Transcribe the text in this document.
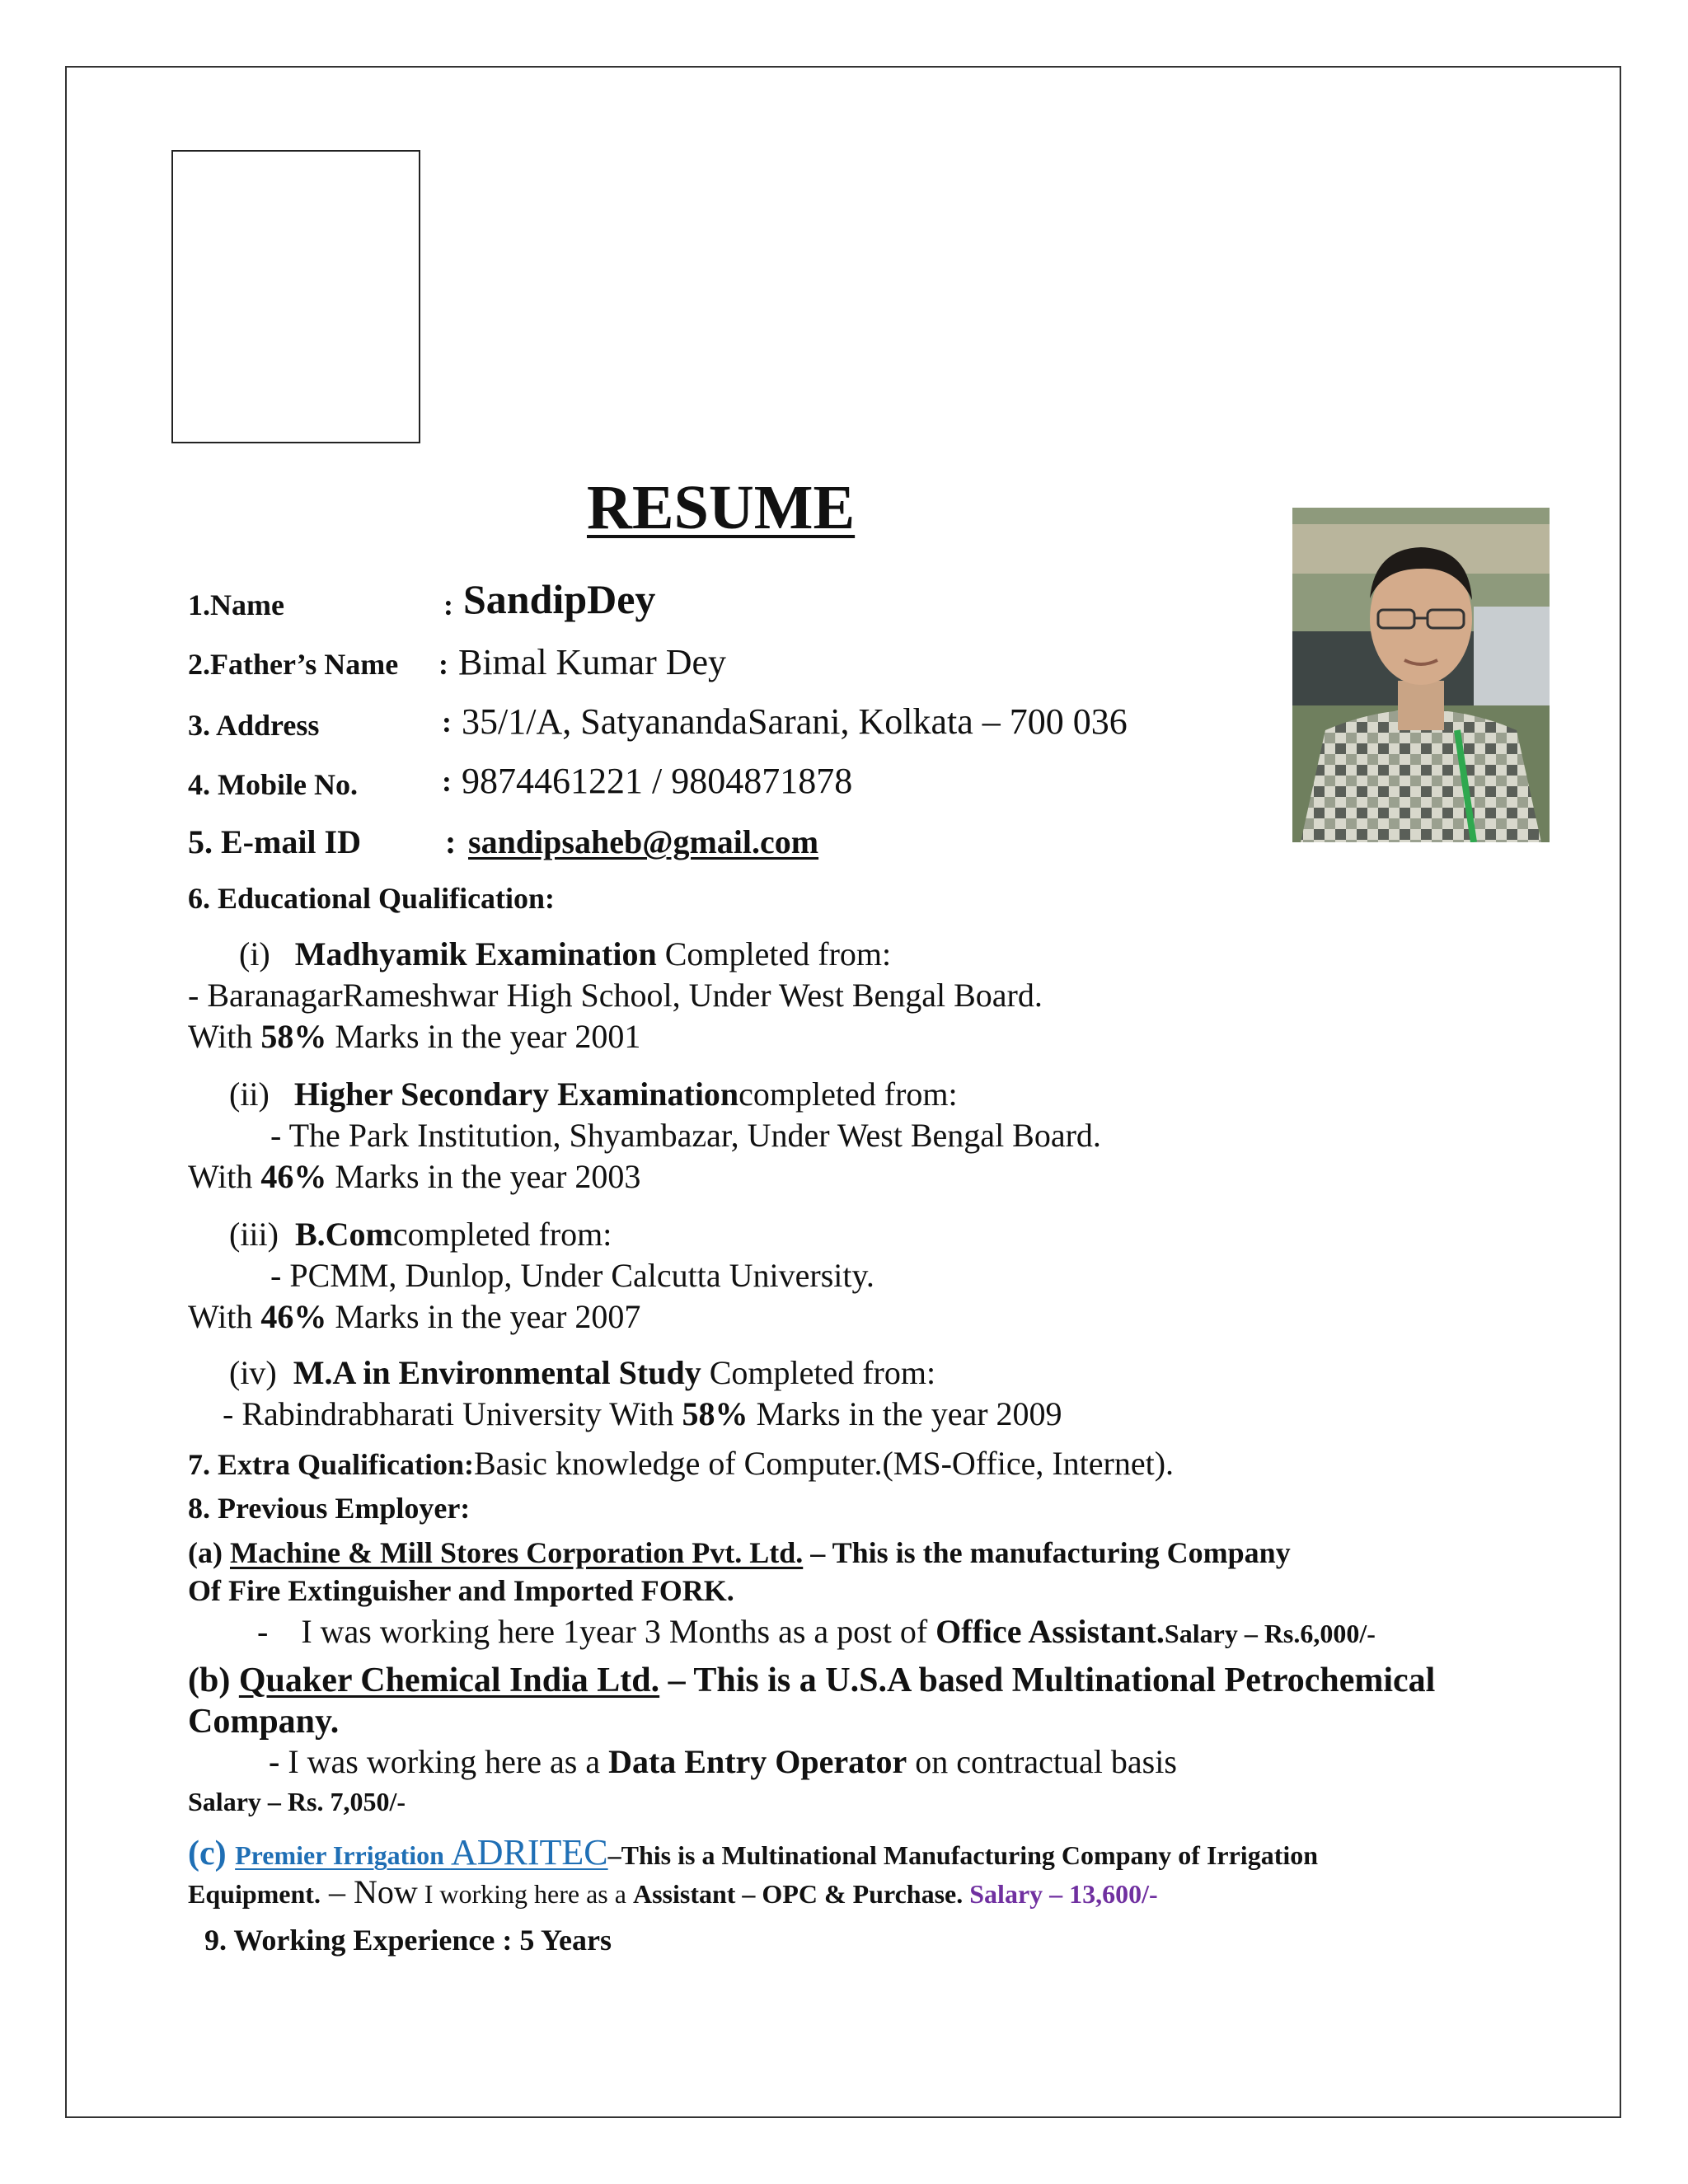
RESUME
1.Name	: SandipDey
2.Father’s Name : Bimal Kumar Dey
3. Address	: 35/1/A, SatyanandaSarani, Kolkata – 700 036
4. Mobile No.	: 9874461221 / 9804871878
5. E-mail ID	: sandipsaheb@gmail.com
6. Educational Qualification:
(i) Madhyamik Examination Completed from:
- BaranagarRameshwar High School, Under West Bengal Board.
With 58% Marks in the year 2001
(ii) Higher Secondary Examinationcompleted from:
- The Park Institution, Shyambazar, Under West Bengal Board.
With 46% Marks in the year 2003
(iii) B.Comcompleted from:
- PCMM, Dunlop, Under Calcutta University.
With 46% Marks in the year 2007
(iv) M.A in Environmental Study Completed from:
- Rabindrabharati University With 58% Marks in the year 2009
7. Extra Qualification:Basic knowledge of Computer.(MS-Office, Internet).
8. Previous Employer:
(a) Machine & Mill Stores Corporation Pvt. Ltd. – This is the manufacturing Company
Of Fire Extinguisher and Imported FORK.
- I was working here 1year 3 Months as a post of Office Assistant.Salary – Rs.6,000/-
(b) Quaker Chemical India Ltd. – This is a U.S.A based Multinational Petrochemical
Company.
- I was working here as a Data Entry Operator on contractual basis
Salary – Rs. 7,050/-
(c) Premier Irrigation ADRITEC–This is a Multinational Manufacturing Company of Irrigation
Equipment. – Now I working here as a Assistant – OPC & Purchase. Salary – 13,600/-
9. Working Experience : 5 Years
